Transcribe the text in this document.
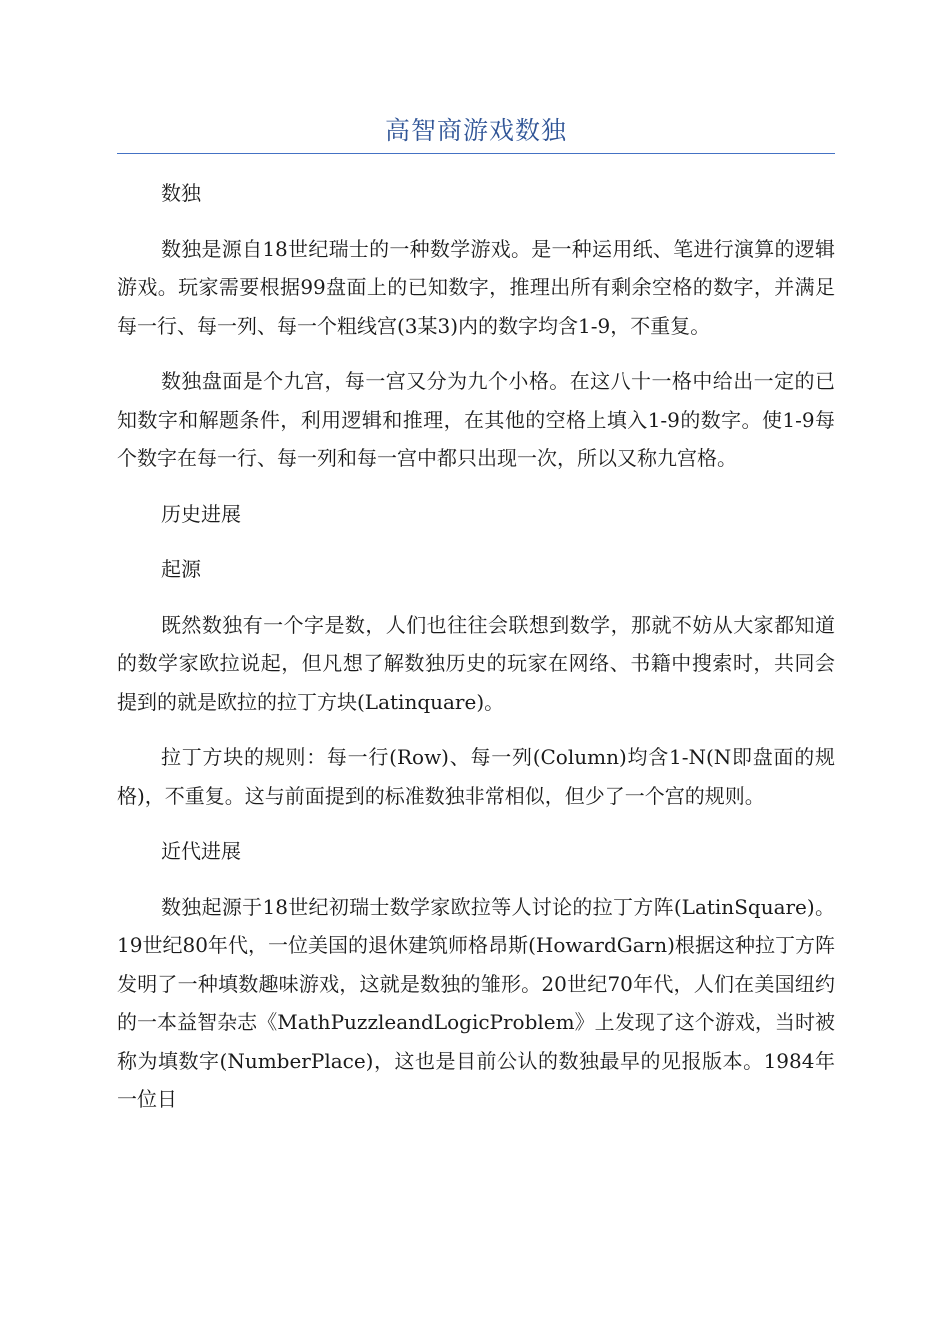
高智商游戏数独

数独

数独是源自18世纪瑞士的一种数学游戏。是一种运用纸、笔进行演算的逻辑游戏。玩家需要根据99盘面上的已知数字，推理出所有剩余空格的数字，并满足每一行、每一列、每一个粗线宫(3某3)内的数字均含1-9，不重复。

数独盘面是个九宫，每一宫又分为九个小格。在这八十一格中给出一定的已知数字和解题条件，利用逻辑和推理，在其他的空格上填入1-9的数字。使1-9每个数字在每一行、每一列和每一宫中都只出现一次，所以又称九宫格。

历史进展

起源

既然数独有一个字是数，人们也往往会联想到数学，那就不妨从大家都知道的数学家欧拉说起，但凡想了解数独历史的玩家在网络、书籍中搜索时，共同会提到的就是欧拉的拉丁方块(Latinquare)。

拉丁方块的规则：每一行(Row)、每一列(Column)均含1-N(N即盘面的规格)，不重复。这与前面提到的标准数独非常相似，但少了一个宫的规则。

近代进展

数独起源于18世纪初瑞士数学家欧拉等人讨论的拉丁方阵(LatinSquare)。19世纪80年代，一位美国的退休建筑师格昂斯(HowardGarn)根据这种拉丁方阵发明了一种填数趣味游戏，这就是数独的雏形。20世纪70年代，人们在美国纽约的一本益智杂志《MathPuzzleandLogicProblem》上发现了这个游戏，当时被称为填数字(NumberPlace)，这也是目前公认的数独最早的见报版本。1984年一位日
